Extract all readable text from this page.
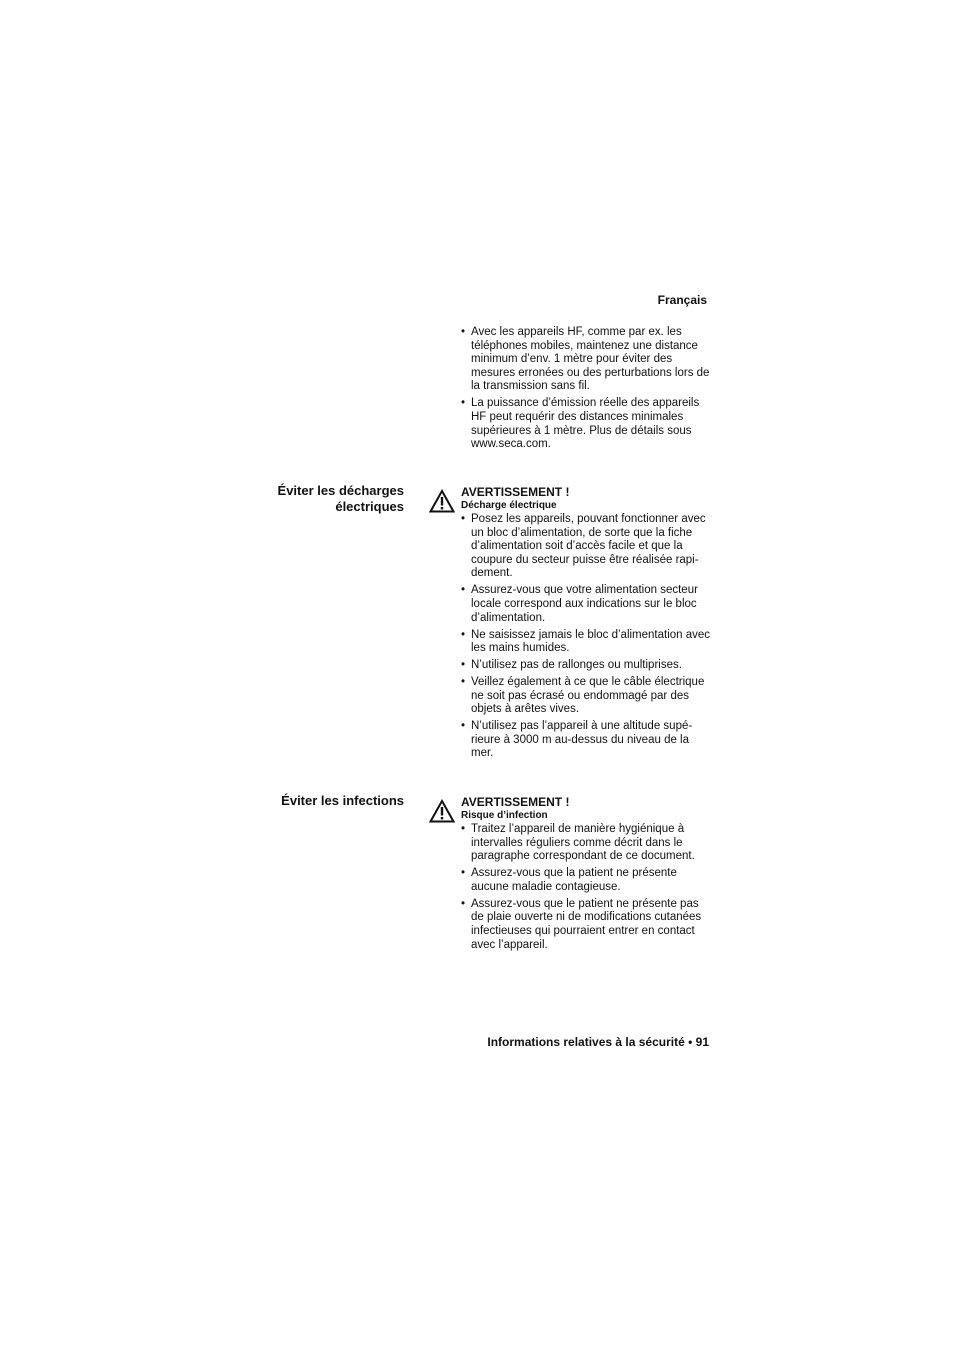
Français
• Avec les appareils HF, comme par ex. les téléphones mobiles, maintenez une distance minimum d’env. 1 mètre pour éviter des mesures erronées ou des perturbations lors de la transmission sans fil.
• La puissance d’émission réelle des appareils HF peut requérir des distances minimales supérieures à 1 mètre. Plus de détails sous www.seca.com.
Éviter les décharges
électriques
AVERTISSEMENT !
Décharge électrique
• Posez les appareils, pouvant fonctionner avec un bloc d’alimentation, de sorte que la fiche d’alimentation soit d’accès facile et que la coupure du secteur puisse être réalisée rapi-dement.
• Assurez-vous que votre alimentation secteur locale correspond aux indications sur le bloc d’alimentation.
• Ne saisissez jamais le bloc d’alimentation avec les mains humides.
• N’utilisez pas de rallonges ou multiprises.
• Veillez également à ce que le câble électrique ne soit pas écrasé ou endommagé par des objets à arêtes vives.
• N’utilisez pas l’appareil à une altitude supé-rieure à 3000 m au-dessus du niveau de la mer.
Éviter les infections	AVERTISSEMENT !
Risque d’infection
• Traitez l’appareil de manière hygiénique à intervalles réguliers comme décrit dans le paragraphe correspondant de ce document.
• Assurez-vous que la patient ne présente aucune maladie contagieuse.
• Assurez-vous que le patient ne présente pas de plaie ouverte ni de modifications cutanées infectieuses qui pourraient entrer en contact avec l’appareil.
Informations relatives à la sécurité • 91
